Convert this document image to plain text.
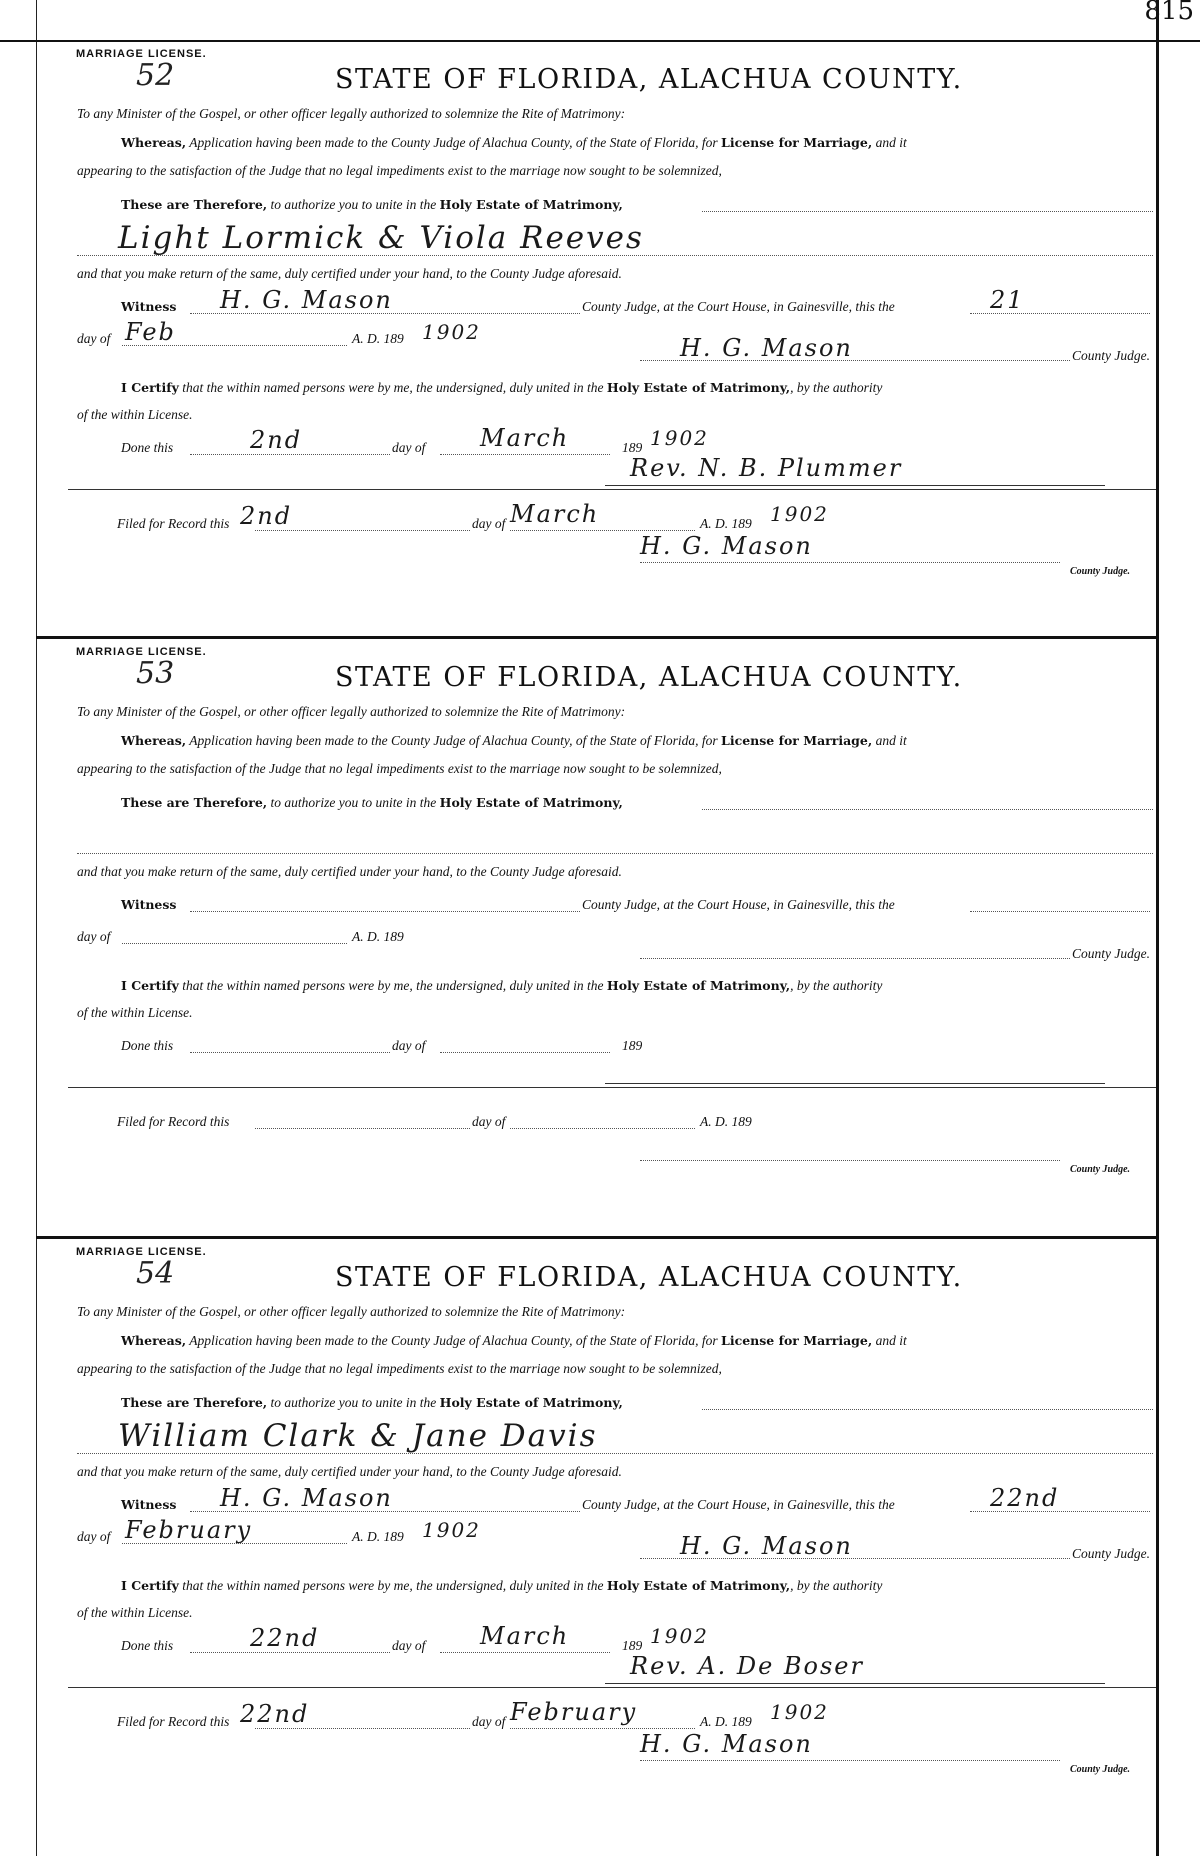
815
MARRIAGE LICENSE.
52	STATE OF FLORIDA, ALACHUA COUNTY.
To any Minister of the Gospel, or other officer legally authorized to solemnize the Rite of Matrimony:
Whereas, Application having been made to the County Judge of Alachua County, of the State of Florida, for License for Marriage, and it
appearing to the satisfaction of the Judge that no legal impediments exist to the marriage now sought to be solemnized,
These are Therefore, to authorize you to unite in the Holy Estate of Matrimony,
Light Lormick & Viola Reeves
and that you make return of the same, duly certified under your hand, to the County Judge aforesaid.
Witness H. G. Mason	County Judge, at the Court House, in Gainesville, this the	21
day of Feb	A. D. 189 1902
H. G. Mason	County Judge.
I Certify that the within named persons were by me, the undersigned, duly united in the Holy Estate of Matrimony,, by the authority
of the within License.
Done this	2nd	day of March	189 1902
Rev. N. B. Plummer
Filed for Record this 2nd	day of March	A. D. 189 1902
H. G. Mason
County Judge.
MARRIAGE LICENSE.
53	STATE OF FLORIDA, ALACHUA COUNTY.
To any Minister of the Gospel, or other officer legally authorized to solemnize the Rite of Matrimony:
Whereas, Application having been made to the County Judge of Alachua County, of the State of Florida, for License for Marriage, and it
appearing to the satisfaction of the Judge that no legal impediments exist to the marriage now sought to be solemnized,
These are Therefore, to authorize you to unite in the Holy Estate of Matrimony,
and that you make return of the same, duly certified under your hand, to the County Judge aforesaid.
Witness	County Judge, at the Court House, in Gainesville, this the
day of	A. D. 189
County Judge.
I Certify that the within named persons were by me, the undersigned, duly united in the Holy Estate of Matrimony,, by the authority
of the within License.
Done this	day of	189
Filed for Record this	day of	A. D. 189
County Judge.
MARRIAGE LICENSE.
54	STATE OF FLORIDA, ALACHUA COUNTY.
To any Minister of the Gospel, or other officer legally authorized to solemnize the Rite of Matrimony:
Whereas, Application having been made to the County Judge of Alachua County, of the State of Florida, for License for Marriage, and it
appearing to the satisfaction of the Judge that no legal impediments exist to the marriage now sought to be solemnized,
These are Therefore, to authorize you to unite in the Holy Estate of Matrimony,
William Clark & Jane Davis
and that you make return of the same, duly certified under your hand, to the County Judge aforesaid.
Witness H. G. Mason	County Judge, at the Court House, in Gainesville, this the	22nd
day of February	A. D. 189 1902
H. G. Mason	County Judge.
I Certify that the within named persons were by me, the undersigned, duly united in the Holy Estate of Matrimony,, by the authority
of the within License.
Done this	22nd	day of March	189 1902
Rev. A. De Boser
Filed for Record this 22nd	day of February	A. D. 189 1902
H. G. Mason
County Judge.
